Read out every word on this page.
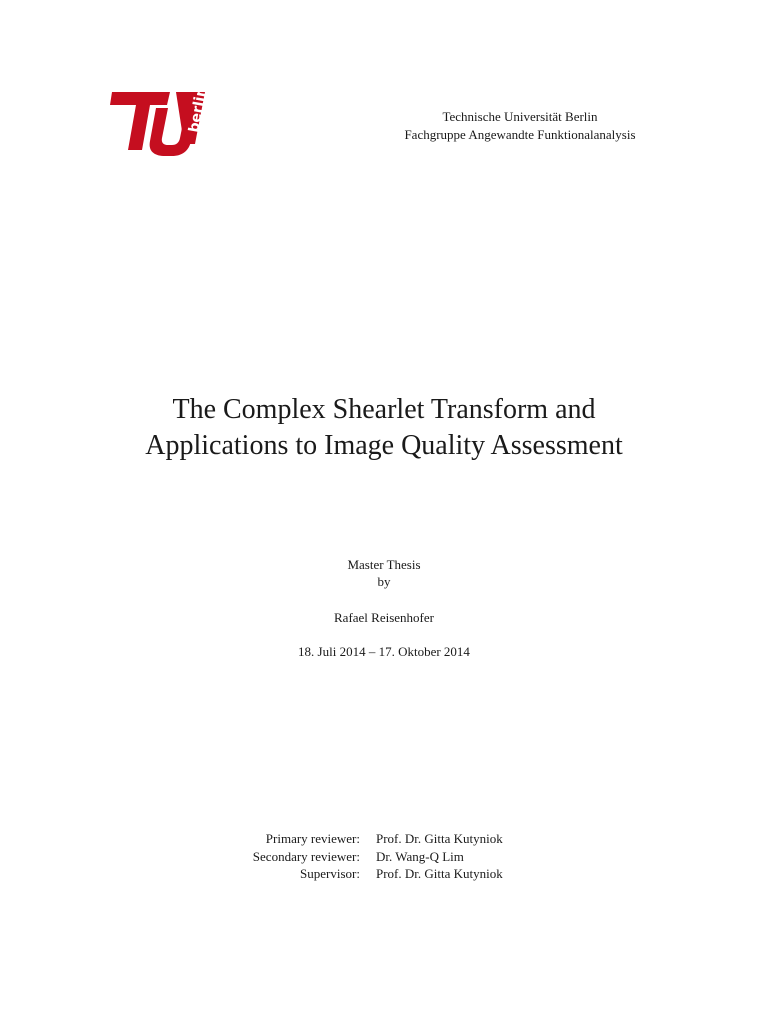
berlin	Technische Universität Berlin
Fachgruppe Angewandte Funktionalanalysis
The Complex Shearlet Transform and
Applications to Image Quality Assessment
Master Thesis
by
Rafael Reisenhofer
18. Juli 2014 – 17. Oktober 2014
Primary reviewer:	Prof. Dr. Gitta Kutyniok
Secondary reviewer:	Dr. Wang-Q Lim
Supervisor:	Prof. Dr. Gitta Kutyniok
